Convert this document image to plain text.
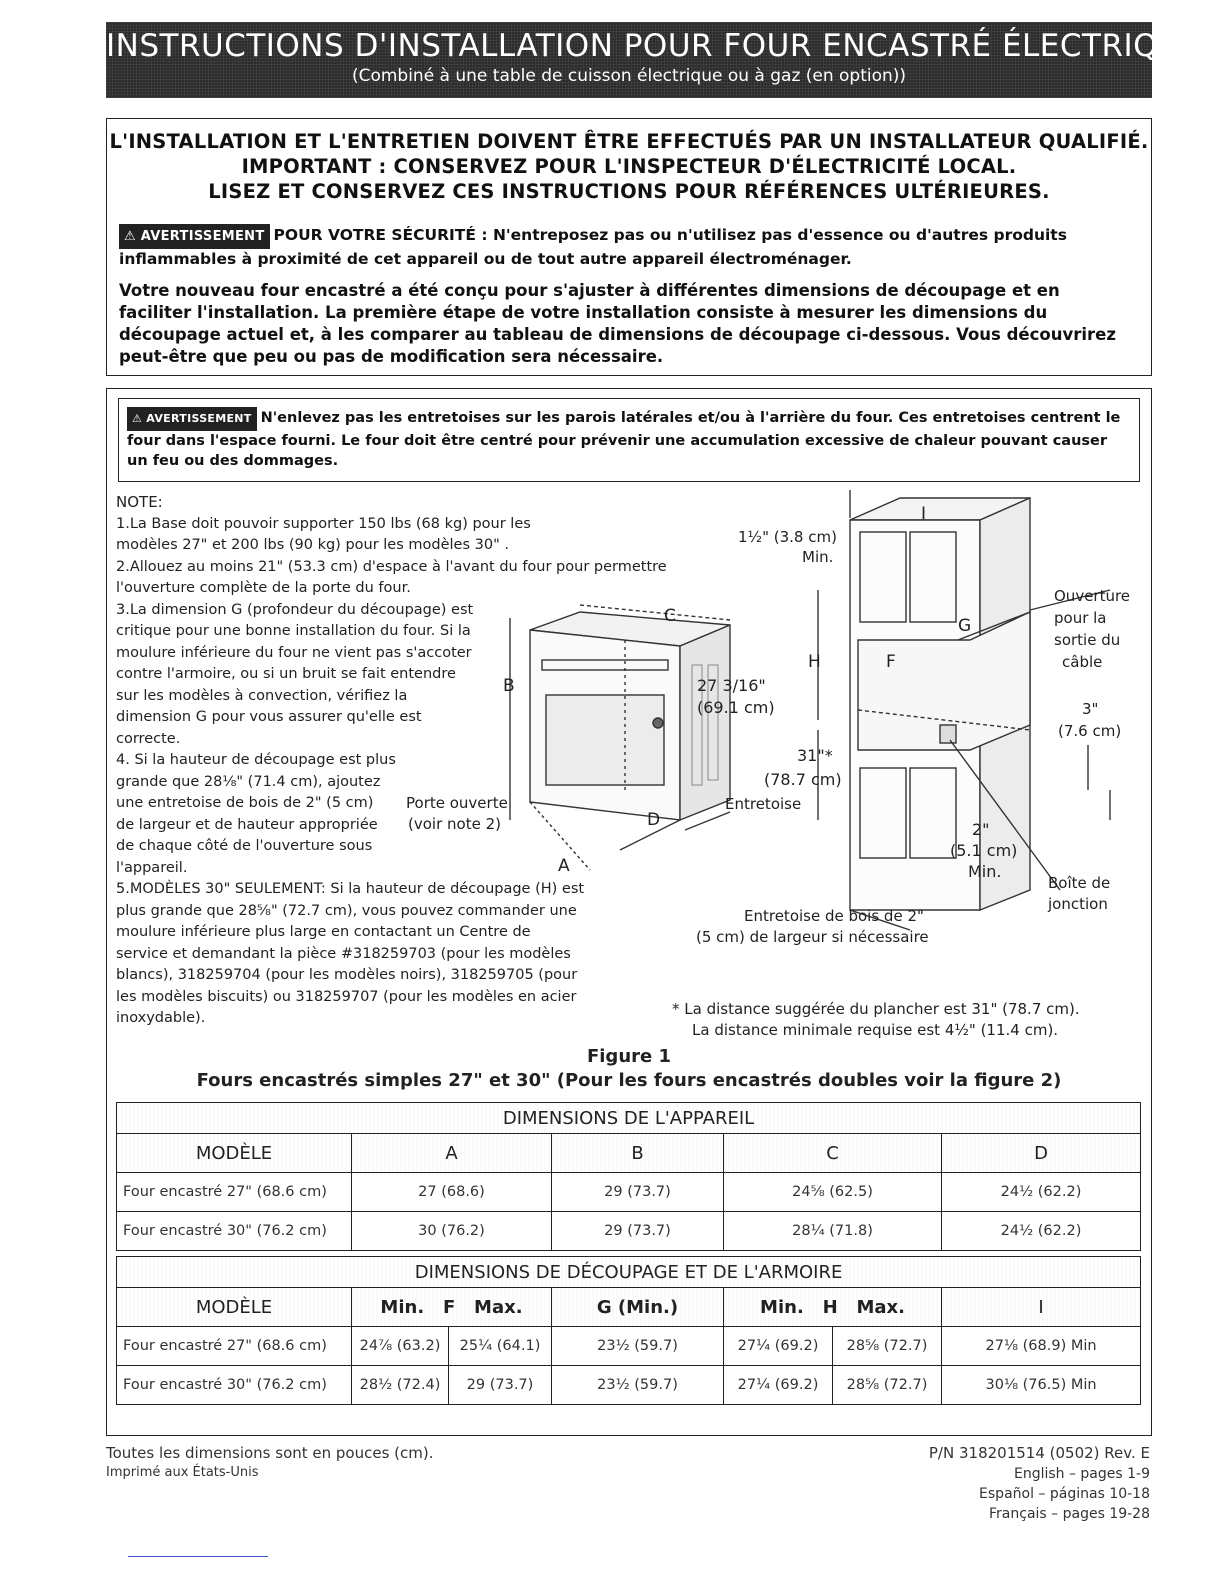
INSTRUCTIONS D'INSTALLATION POUR FOUR ENCASTRÉ ÉLECTRIQUE
(Combiné à une table de cuisson électrique ou à gaz (en option))
L'INSTALLATION ET L'ENTRETIEN DOIVENT ÊTRE EFFECTUÉS PAR UN INSTALLATEUR QUALIFIÉ.
IMPORTANT : CONSERVEZ POUR L'INSPECTEUR D'ÉLECTRICITÉ LOCAL.
LISEZ ET CONSERVEZ CES INSTRUCTIONS POUR RÉFÉRENCES ULTÉRIEURES.
⚠ AVERTISSEMENT POUR VOTRE SÉCURITÉ : N'entreposez pas ou n'utilisez pas d'essence ou d'autres produits inflammables à proximité de cet appareil ou de tout autre appareil électroménager.
Votre nouveau four encastré a été conçu pour s'ajuster à différentes dimensions de découpage et en faciliter l'installation. La première étape de votre installation consiste à mesurer les dimensions du découpage actuel et, à les comparer au tableau de dimensions de découpage ci-dessous. Vous découvrirez peut-être que peu ou pas de modification sera nécessaire.
⚠ AVERTISSEMENT N'enlevez pas les entretoises sur les parois latérales et/ou à l'arrière du four. Ces entretoises centrent le four dans l'espace fourni. Le four doit être centré pour prévenir une accumulation excessive de chaleur pouvant causer un feu ou des dommages.
NOTE:
1.La Base doit pouvoir supporter 150 lbs (68 kg) pour les modèles 27" et 200 lbs (90 kg) pour les modèles 30" .
2.Allouez au moins 21" (53.3 cm) d'espace à l'avant du four pour permettre l'ouverture complète de la porte du four.
3.La dimension G (profondeur du découpage) est critique pour une bonne installation du four. Si la moulure inférieure du four ne vient pas s'accoter contre l'armoire, ou si un bruit se fait entendre sur les modèles à convection, vérifiez la dimension G pour vous assurer qu'elle est correcte.
4. Si la hauteur de découpage est plus grande que 28⅛" (71.4 cm), ajoutez une entretoise de bois de 2" (5 cm) de largeur et de hauteur appropriée de chaque côté de l'ouverture sous l'appareil.
5.MODÈLES 30" SEULEMENT: Si la hauteur de découpage (H) est plus grande que 28⅝" (72.7 cm), vous pouvez commander une moulure inférieure plus large en contactant un Centre de service et demandant la pièce #318259703 (pour les modèles blancs), 318259704 (pour les modèles noirs), 318259705 (pour les modèles biscuits) ou 318259707 (pour les modèles en acier inoxydable).
1½" (3.8 cm)
Min.
I
G
H	F
C
B
D
A
27 3/16"
(69.1 cm)
31"*
(78.7 cm)
Entretoise
Porte ouverte
(voir note 2)
Ouverture
pour la
sortie du
câble
3"
(7.6 cm)
2"
(5.1 cm)
Min.
Boîte de
jonction
Entretoise de bois de 2"
(5 cm) de largeur si nécessaire
* La distance suggérée du plancher est 31" (78.7 cm).
La distance minimale requise est 4½" (11.4 cm).
Figure 1
Fours encastrés simples 27" et 30" (Pour les fours encastrés doubles voir la figure 2)
DIMENSIONS DE L'APPAREIL				
MODÈLE	A	B	C	D
Four encastré 27" (68.6 cm)	27 (68.6)	29 (73.7)	24⅝ (62.5)	24½ (62.2)
Four encastré 30" (76.2 cm)	30 (76.2)	29 (73.7)	28¼ (71.8)	24½ (62.2)
DIMENSIONS DE DÉCOUPAGE ET DE L'ARMOIRE						
MODÈLE	Min.   F   Max.		G (Min.)	Min.   H   Max.		I
Four encastré 27" (68.6 cm)	24⅞ (63.2)	25¼ (64.1)	23½ (59.7)	27¼ (69.2)	28⅝ (72.7)	27⅛ (68.9) Min
Four encastré 30" (76.2 cm)	28½ (72.4)	29 (73.7)	23½ (59.7)	27¼ (69.2)	28⅝ (72.7)	30⅛ (76.5) Min
Toutes les dimensions sont en pouces (cm).
Imprimé aux États-Unis
P/N 318201514 (0502) Rev. E
English – pages 1-9
Español – páginas 10-18
Français – pages 19-28
